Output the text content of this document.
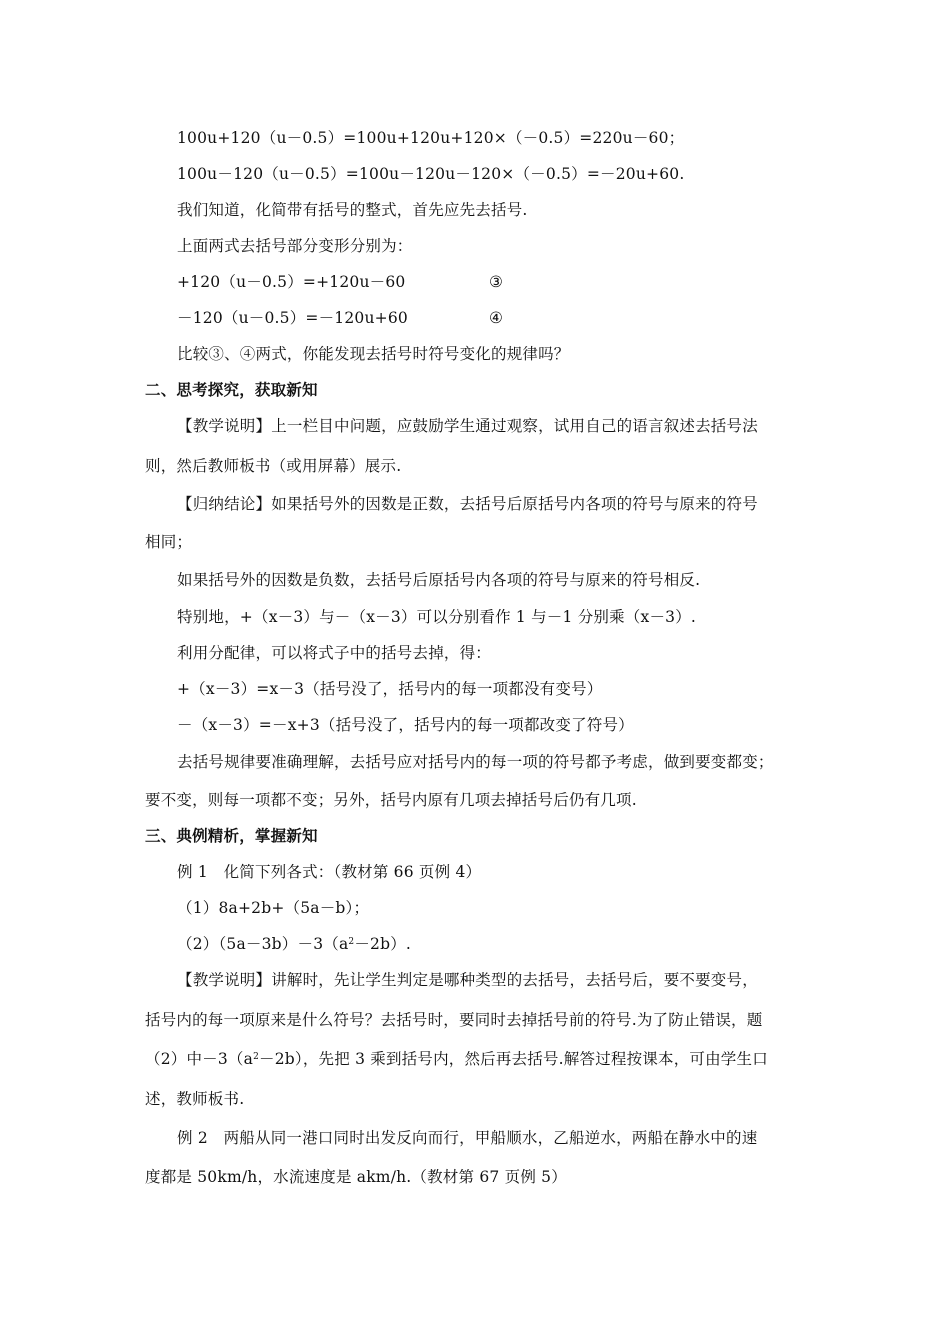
100u+120（u－0.5）=100u+120u+120×（－0.5）=220u－60；
100u－120（u－0.5）=100u－120u－120×（－0.5）=－20u+60.
我们知道，化简带有括号的整式，首先应先去括号.
上面两式去括号部分变形分别为：
+120（u－0.5）=+120u－60	③
－120（u－0.5）=－120u+60	④
比较③、④两式，你能发现去括号时符号变化的规律吗？
二、思考探究，获取新知
【教学说明】上一栏目中问题，应鼓励学生通过观察，试用自己的语言叙述去括号法
则，然后教师板书（或用屏幕）展示.
【归纳结论】如果括号外的因数是正数，去括号后原括号内各项的符号与原来的符号
相同；
如果括号外的因数是负数，去括号后原括号内各项的符号与原来的符号相反.
特别地，+（x－3）与－（x－3）可以分别看作 1 与－1 分别乘（x－3）.
利用分配律，可以将式子中的括号去掉，得：
+（x－3）=x－3（括号没了，括号内的每一项都没有变号）
－（x－3）=－x+3（括号没了，括号内的每一项都改变了符号）
去括号规律要准确理解，去括号应对括号内的每一项的符号都予考虑，做到要变都变；
要不变，则每一项都不变；另外，括号内原有几项去掉括号后仍有几项.
三、典例精析，掌握新知
例 1　化简下列各式：（教材第 66 页例 4）
（1）8a+2b+（5a－b）；
$(2)(5a-3b)-3(a^2-2b)$.
【教学说明】讲解时，先让学生判定是哪种类型的去括号，去括号后，要不要变号，
括号内的每一项原来是什么符号？去括号时，要同时去掉括号前的符号.为了防止错误，题
（2）中$-3(a^2-2b)$，先把 3 乘到括号内，然后再去括号.解答过程按课本，可由学生口
述，教师板书.
例 2　两船从同一港口同时出发反向而行，甲船顺水，乙船逆水，两船在静水中的速
度都是 50km/h，水流速度是 akm/h.（教材第 67 页例 5）
